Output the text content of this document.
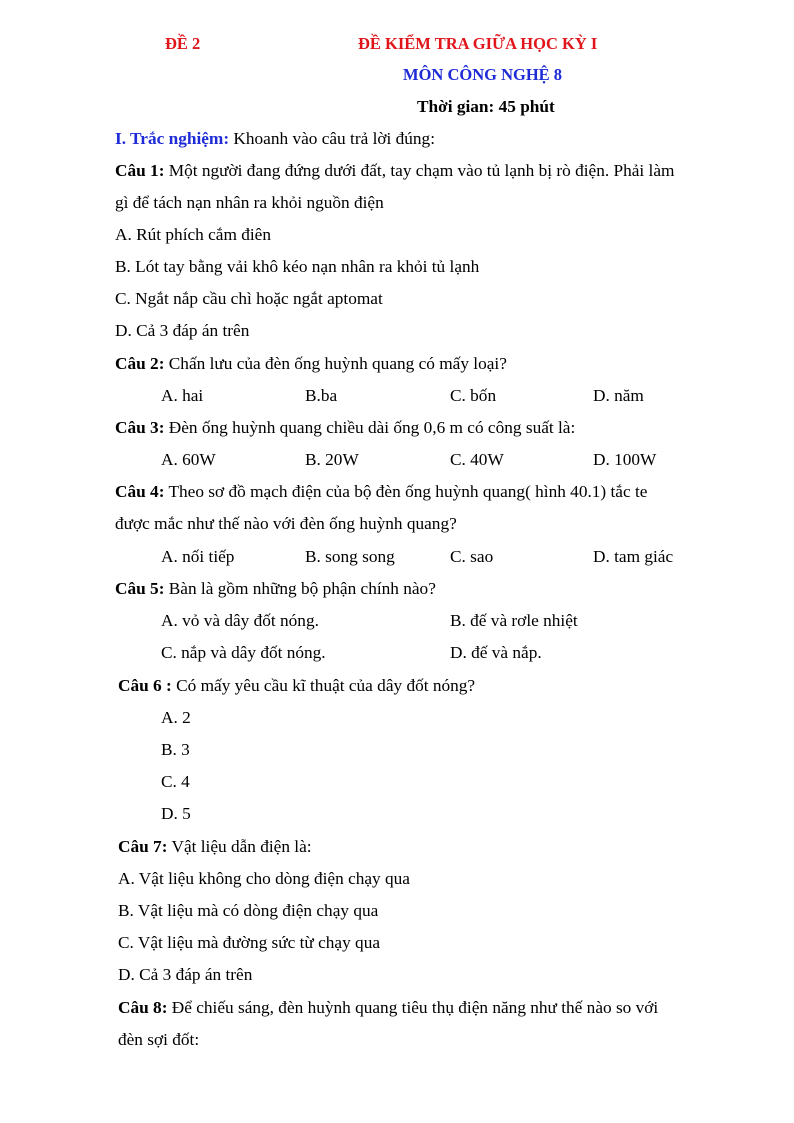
ĐỀ 2	ĐỀ KIỂM TRA GIỮA HỌC KỲ I
MÔN CÔNG NGHỆ 8
Thời gian: 45 phút
I. Trắc nghiệm: Khoanh vào câu trả lời đúng:
Câu 1: Một người đang đứng dưới đất, tay chạm vào tủ lạnh bị rò điện. Phải làm
gì để tách nạn nhân ra khỏi nguồn điện
A. Rút phích cắm điên
B. Lót tay bằng vải khô kéo nạn nhân ra khỏi tủ lạnh
C. Ngắt nắp cầu chì hoặc ngắt aptomat
D. Cả 3 đáp án trên
Câu 2: Chấn lưu của đèn ống huỳnh quang có mấy loại?
A. hai	B.ba	C. bốn	D. năm
Câu 3: Đèn ống huỳnh quang chiều dài ống 0,6 m có công suất là:
A. 60W	B. 20W	C. 40W	D. 100W
Câu 4: Theo sơ đồ mạch điện của bộ đèn ống huỳnh quang( hình 40.1) tắc te
được mắc như thế nào với đèn ống huỳnh quang?
A. nối tiếp	B. song song	C. sao	D. tam giác
Câu 5: Bàn là gồm những bộ phận chính nào?
A. vỏ và dây đốt nóng.	B. đế và rơle nhiệt
C. nắp và dây đốt nóng.	D. đế và nắp.
Câu 6 : Có mấy yêu cầu kĩ thuật của dây đốt nóng?
A. 2
B. 3
C. 4
D. 5
Câu 7: Vật liệu dẫn điện là:
A. Vật liệu không cho dòng điện chạy qua
B. Vật liệu mà có dòng điện chạy qua
C. Vật liệu mà đường sức từ chạy qua
D. Cả 3 đáp án trên
Câu 8: Để chiếu sáng, đèn huỳnh quang tiêu thụ điện năng như thế nào so với
đèn sợi đốt:
